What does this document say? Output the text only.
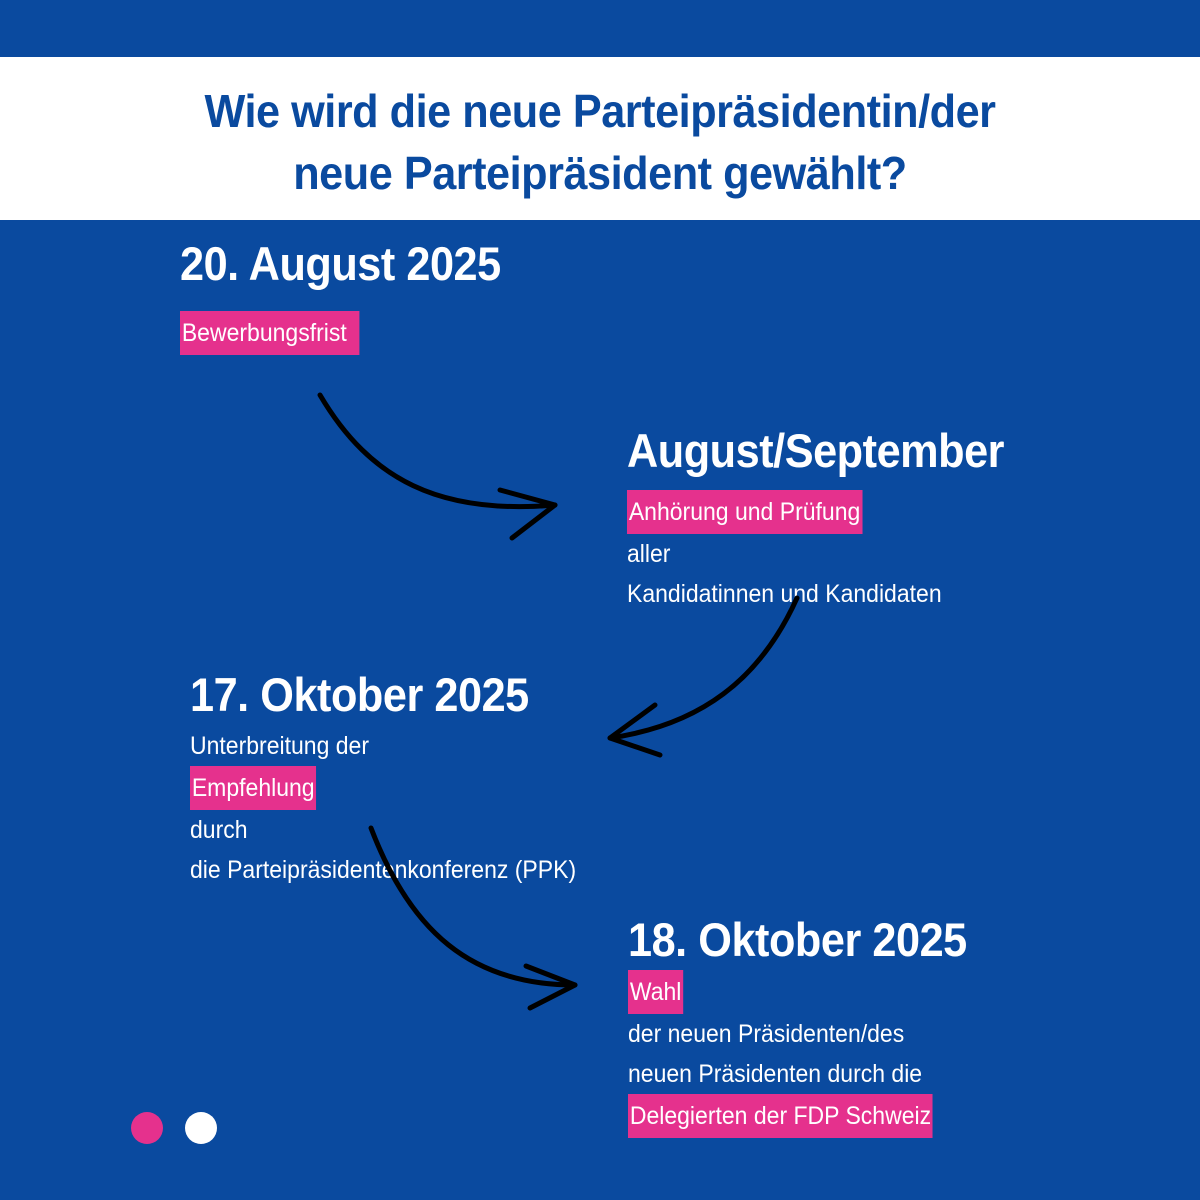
Wie wird die neue Parteipräsidentin/der
neue Parteipräsident gewählt?
20. August 2025
Bewerbungsfrist
August/September
Anhörung und Prüfung
aller
Kandidatinnen und Kandidaten
17. Oktober 2025
Unterbreitung der
Empfehlung
durch
die Parteipräsidentenkonferenz (PPK)
18. Oktober 2025
Wahl
der neuen Präsidenten/des
neuen Präsidenten durch die
Delegierten der FDP Schweiz
